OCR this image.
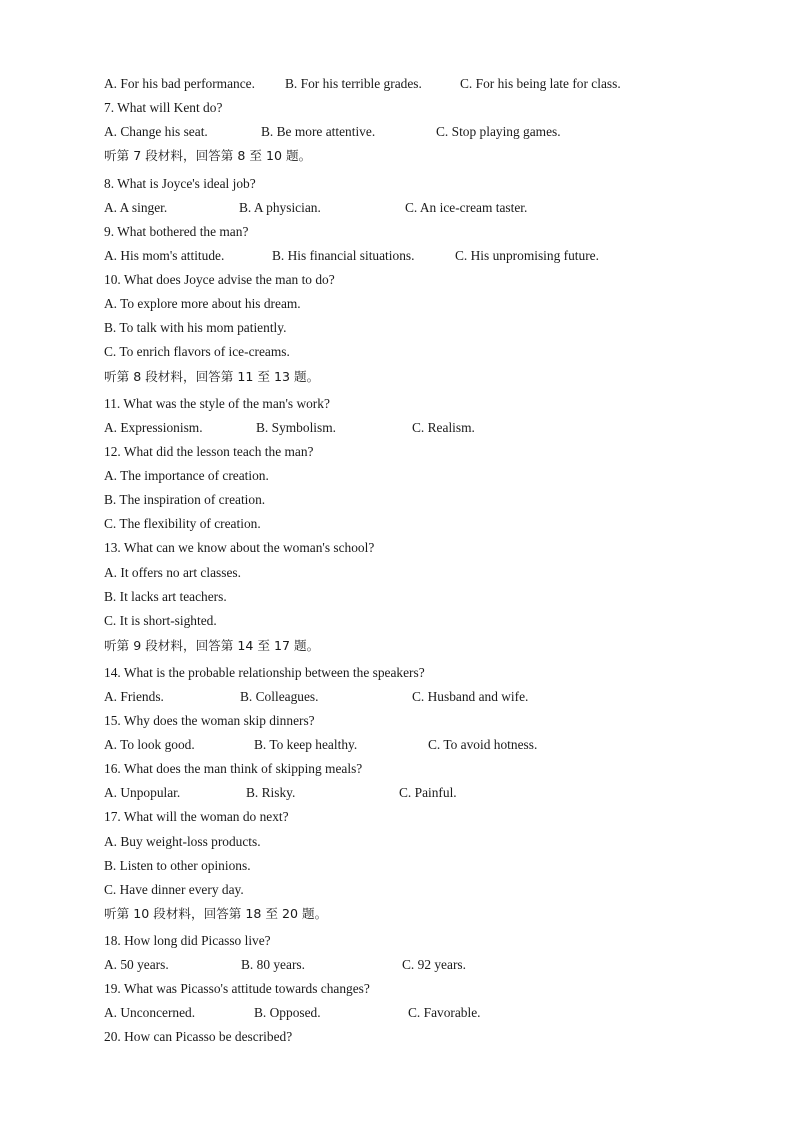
A. For his bad performance. B. For his terrible grades.	C. For his being late for class.
7. What will Kent do?
A. Change his seat.	B. Be more attentive.	C. Stop playing games.
听第 7 段材料，回答第 8 至 10 题。
8. What is Joyce's ideal job?
A. A singer.	B. A physician.	C. An ice-cream taster.
9. What bothered the man?
A. His mom's attitude.	B. His financial situations.	C. His unpromising future.
10. What does Joyce advise the man to do?
A. To explore more about his dream.
B. To talk with his mom patiently.
C. To enrich flavors of ice-creams.
听第 8 段材料，回答第 11 至 13 题。
11. What was the style of the man's work?
A. Expressionism.	B. Symbolism.	C. Realism.
12. What did the lesson teach the man?
A. The importance of creation.
B. The inspiration of creation.
C. The flexibility of creation.
13. What can we know about the woman's school?
A. It offers no art classes.
B. It lacks art teachers.
C. It is short-sighted.
听第 9 段材料，回答第 14 至 17 题。
14. What is the probable relationship between the speakers?
A. Friends.	B. Colleagues.	C. Husband and wife.
15. Why does the woman skip dinners?
A. To look good.	B. To keep healthy.	C. To avoid hotness.
16. What does the man think of skipping meals?
A. Unpopular.	B. Risky.	C. Painful.
17. What will the woman do next?
A. Buy weight-loss products.
B. Listen to other opinions.
C. Have dinner every day.
听第 10 段材料，回答第 18 至 20 题。
18. How long did Picasso live?
A. 50 years.	B. 80 years.	C. 92 years.
19. What was Picasso's attitude towards changes?
A. Unconcerned.	B. Opposed.	C. Favorable.
20. How can Picasso be described?
